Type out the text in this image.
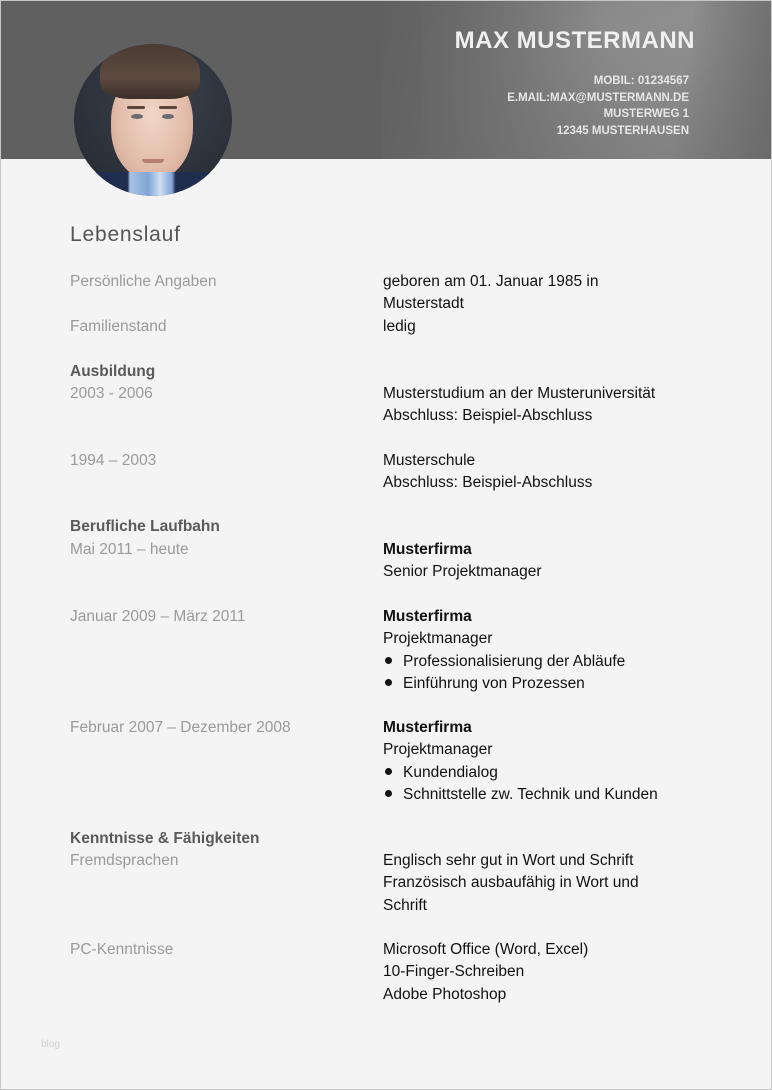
MAX MUSTERMANN
MOBIL: 01234567
E.MAIL:MAX@MUSTERMANN.DE
MUSTERWEG 1
12345 MUSTERHAUSEN
Lebenslauf
Persönliche Angaben	geboren am 01. Januar 1985 in
Musterstadt
Familienstand	ledig
Ausbildung
2003 - 2006	Musterstudium an der Musteruniversität
Abschluss: Beispiel-Abschluss
1994 – 2003	Musterschule
Abschluss: Beispiel-Abschluss
Berufliche Laufbahn
Mai 2011 – heute	Musterfirma
Senior Projektmanager
Januar 2009 – März 2011	Musterfirma
Projektmanager
Professionalisierung der Abläufe
Einführung von Prozessen
Februar 2007 – Dezember 2008	Musterfirma
Projektmanager
Kundendialog
Schnittstelle zw. Technik und Kunden
Kenntnisse & Fähigkeiten
Fremdsprachen	Englisch sehr gut in Wort und Schrift
Französisch ausbaufähig in Wort und
Schrift
PC-Kenntnisse	Microsoft Office (Word, Excel)
10-Finger-Schreiben
Adobe Photoshop
blog
